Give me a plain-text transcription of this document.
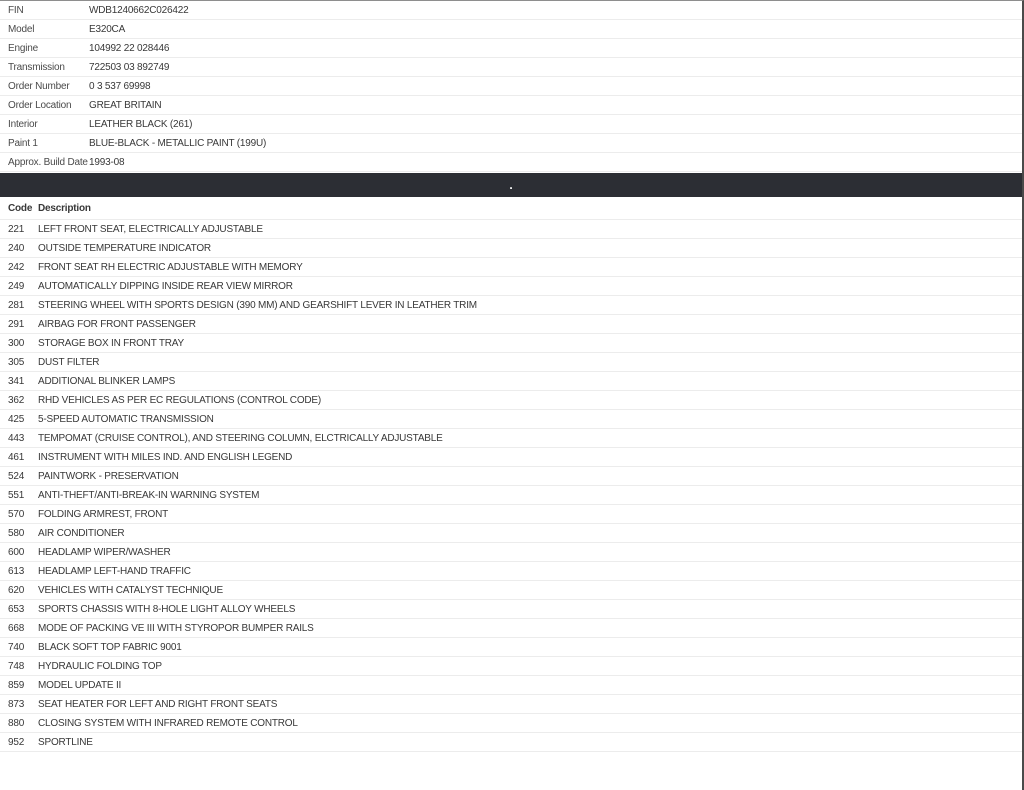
FIN	WDB1240662C026422
Model	E320CA
Engine	104992 22 028446
Transmission	722503 03 892749
Order Number	0 3 537 69998
Order Location	GREAT BRITAIN
Interior	LEATHER BLACK (261)
Paint 1	BLUE-BLACK - METALLIC PAINT (199U)
Approx. Build Date 1993-08
.
Code Description
221	LEFT FRONT SEAT, ELECTRICALLY ADJUSTABLE
240	OUTSIDE TEMPERATURE INDICATOR
242	FRONT SEAT RH ELECTRIC ADJUSTABLE WITH MEMORY
249	AUTOMATICALLY DIPPING INSIDE REAR VIEW MIRROR
281	STEERING WHEEL WITH SPORTS DESIGN (390 MM) AND GEARSHIFT LEVER IN LEATHER TRIM
291	AIRBAG FOR FRONT PASSENGER
300	STORAGE BOX IN FRONT TRAY
305	DUST FILTER
341	ADDITIONAL BLINKER LAMPS
362	RHD VEHICLES AS PER EC REGULATIONS (CONTROL CODE)
425	5-SPEED AUTOMATIC TRANSMISSION
443	TEMPOMAT (CRUISE CONTROL), AND STEERING COLUMN, ELCTRICALLY ADJUSTABLE
461	INSTRUMENT WITH MILES IND. AND ENGLISH LEGEND
524	PAINTWORK - PRESERVATION
551	ANTI-THEFT/ANTI-BREAK-IN WARNING SYSTEM
570	FOLDING ARMREST, FRONT
580	AIR CONDITIONER
600	HEADLAMP WIPER/WASHER
613	HEADLAMP LEFT-HAND TRAFFIC
620	VEHICLES WITH CATALYST TECHNIQUE
653	SPORTS CHASSIS WITH 8-HOLE LIGHT ALLOY WHEELS
668	MODE OF PACKING VE III WITH STYROPOR BUMPER RAILS
740	BLACK SOFT TOP FABRIC 9001
748	HYDRAULIC FOLDING TOP
859	MODEL UPDATE II
873	SEAT HEATER FOR LEFT AND RIGHT FRONT SEATS
880	CLOSING SYSTEM WITH INFRARED REMOTE CONTROL
952	SPORTLINE
